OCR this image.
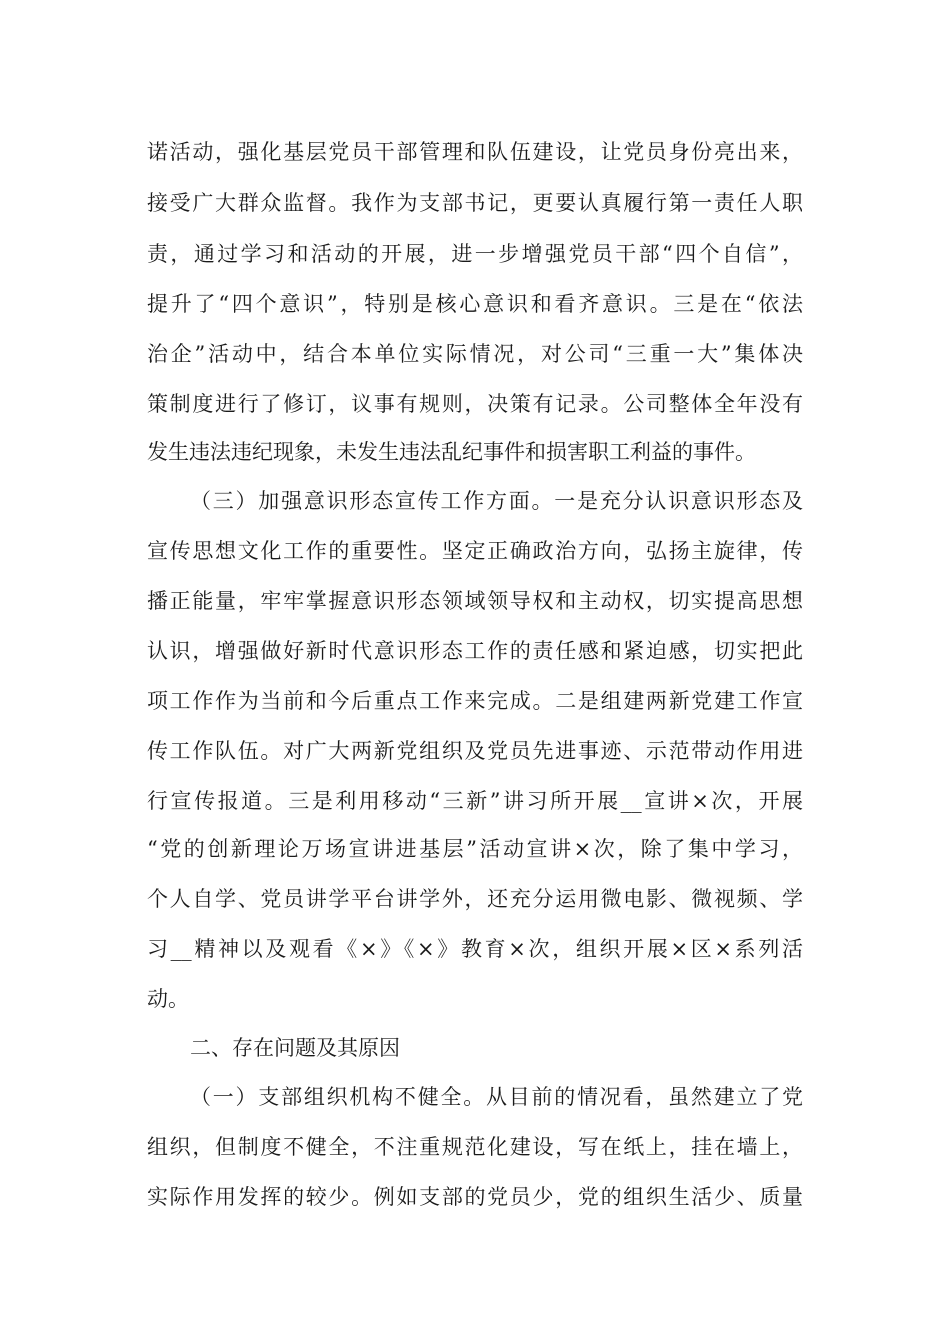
诺活动，强化基层党员干部管理和队伍建设，让党员身份亮出来，
接受广大群众监督。我作为支部书记，更要认真履行第一责任人职
责，通过学习和活动的开展，进一步增强党员干部“四个自信”，
提升了“四个意识”，特别是核心意识和看齐意识。三是在“依法
治企”活动中，结合本单位实际情况，对公司“三重一大”集体决
策制度进行了修订，议事有规则，决策有记录。公司整体全年没有
发生违法违纪现象，未发生违法乱纪事件和损害职工利益的事件。
（三）加强意识形态宣传工作方面。一是充分认识意识形态及
宣传思想文化工作的重要性。坚定正确政治方向，弘扬主旋律，传
播正能量，牢牢掌握意识形态领域领导权和主动权，切实提高思想
认识，增强做好新时代意识形态工作的责任感和紧迫感，切实把此
项工作作为当前和今后重点工作来完成。二是组建两新党建工作宣
传工作队伍。对广大两新党组织及党员先进事迹、示范带动作用进
行宣传报道。三是利用移动“三新”讲习所开展__宣讲×次，开展
“党的创新理论万场宣讲进基层”活动宣讲×次，除了集中学习，
个人自学、党员讲学平台讲学外，还充分运用微电影、微视频、学
习__精神以及观看《×》《×》教育×次，组织开展×区×系列活
动。
二、存在问题及其原因
（一）支部组织机构不健全。从目前的情况看，虽然建立了党
组织，但制度不健全，不注重规范化建设，写在纸上，挂在墙上，
实际作用发挥的较少。例如支部的党员少，党的组织生活少、质量
